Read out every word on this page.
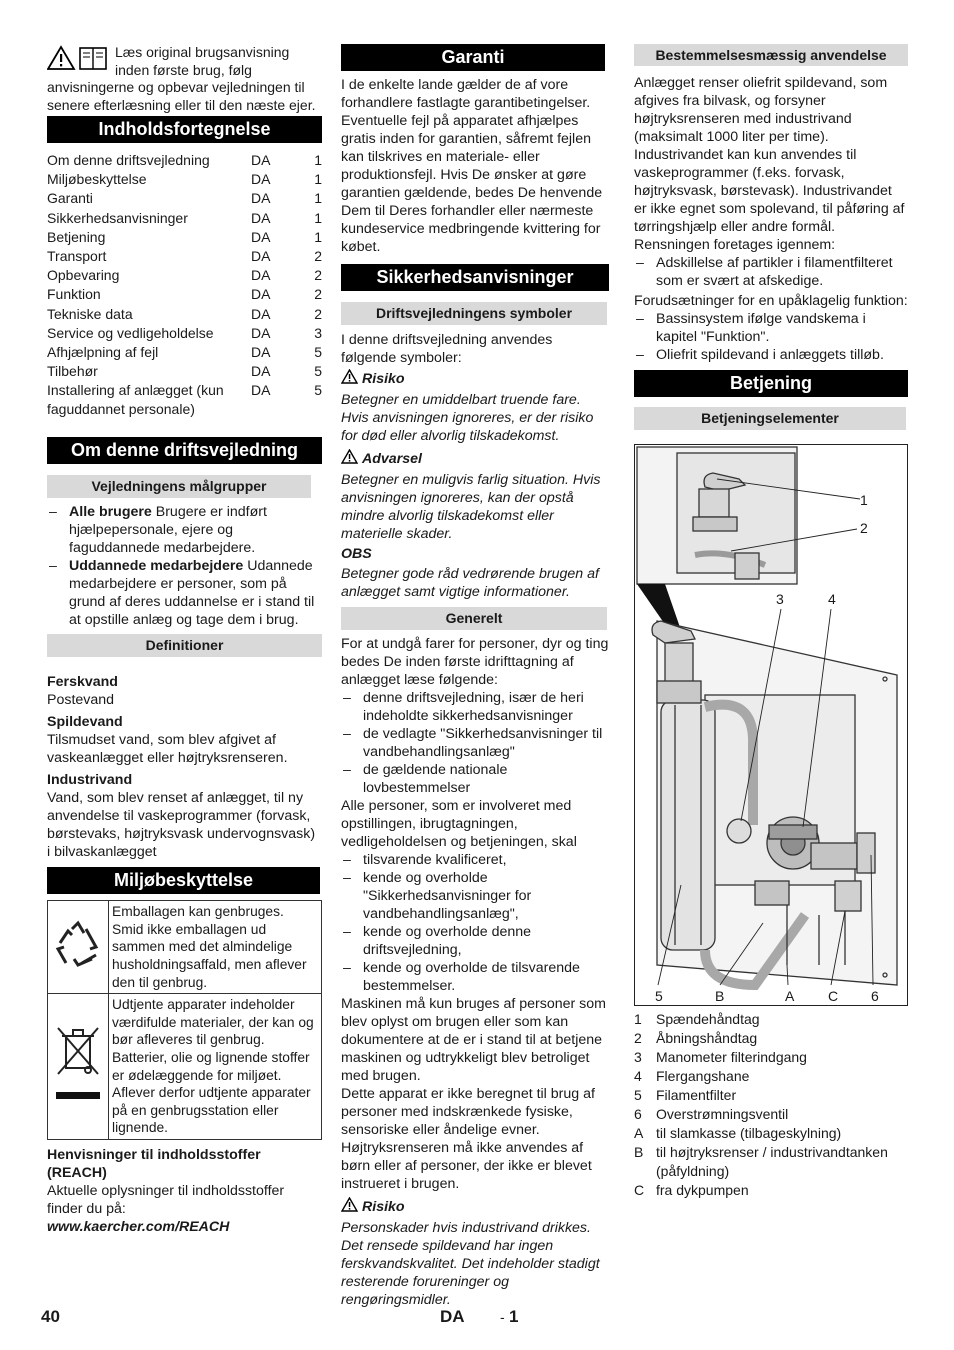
Læs original brugsanvisning inden første brug, følg anvisningerne og opbevar vejledningen til senere efterlæsning eller til den næste ejer.

Indholdsfortegnelse
Om denne driftsvejledning	DA	1
Miljøbeskyttelse	DA	1
Garanti	DA	1
Sikkerhedsanvisninger	DA	1
Betjening	DA	1
Transport	DA	2
Opbevaring	DA	2
Funktion	DA	2
Tekniske data	DA	2
Service og vedligeholdelse	DA	3
Afhjælpning af fejl	DA	5
Tilbehør	DA	5
Installering af anlægget (kun faguddannet personale)	DA	5
Om denne driftsvejledning
Vejledningens målgrupper
– Alle brugere Brugere er indført hjælpepersonale, ejere og faguddannede medarbejdere.
– Uddannede medarbejdere Udannede medarbejdere er personer, som på grund af deres uddannelse er i stand til at opstille anlæg og tage dem i brug.
Definitioner

Ferskvand

Postevand

Spildevand

Tilsmudset vand, som blev afgivet af vaskeanlægget eller højtryksrenseren.

Industrivand

Vand, som blev renset af anlægget, til ny anvendelse til vaskeprogrammer (forvask, børstevaks, højtryksvask undervognsvask) i bilvaskanlægget

Miljøbeskyttelse
	Emballagen kan genbruges. Smid ikke emballagen ud sammen med det almindelige husholdningsaffald, men aflever den til genbrug.
	Udtjente apparater indeholder værdifulde materialer, der kan og bør afleveres til genbrug. Batterier, olie og lignende stoffer er ødelæggende for miljøet. Aflever derfor udtjente apparater på en genbrugsstation eller lignende.

Henvisninger til indholdsstoffer (REACH)

Aktuelle oplysninger til indholdsstoffer finder du på:

www.kaercher.com/REACH

Garanti

I de enkelte lande gælder de af vore forhandlere fastlagte garantibetingelser. Eventuelle fejl på apparatet afhjælpes gratis inden for garantien, såfremt fejlen kan tilskrives en materiale- eller produktionsfejl. Hvis De ønsker at gøre garantien gældende, bedes De henvende Dem til Deres forhandler eller nærmeste kundeservice medbringende kvittering for købet.

Sikkerhedsanvisninger
Driftsvejledningens symboler

I denne driftsvejledning anvendes følgende symboler:

Risiko

Betegner en umiddelbart truende fare. Hvis anvisningen ignoreres, er der risiko for død eller alvorlig tilskadekomst.

Advarsel

Betegner en muligvis farlig situation. Hvis anvisningen ignoreres, kan der opstå mindre alvorlig tilskadekomst eller materielle skader.

OBS

Betegner gode råd vedrørende brugen af anlægget samt vigtige informationer.

Generelt

For at undgå farer for personer, dyr og ting bedes De inden første idrifttagning af anlægget læse følgende:

– denne driftsvejledning, især de heri indeholdte sikkerhedsanvisninger
– de vedlagte "Sikkerhedsanvisninger til vandbehandlingsanlæg"
– de gældende nationale lovbestemmelser

Alle personer, som er involveret med opstillingen, ibrugtagningen, vedligeholdelsen og betjeningen, skal

– tilsvarende kvalificeret,
– kende og overholde "Sikkerhedsanvisninger for vandbehandlingsanlæg",
– kende og overholde denne driftsvejledning,
– kende og overholde de tilsvarende bestemmelser.

Maskinen må kun bruges af personer som blev oplyst om brugen eller som kan dokumentere at de er i stand til at betjene maskinen og udtrykkeligt blev betroliget med brugen.

Dette apparat er ikke beregnet til brug af personer med indskrænkede fysiske, sensoriske eller åndelige evner.

Højtryksrenseren må ikke anvendes af børn eller af personer, der ikke er blevet instrueret i brugen.

Risiko

Personskader hvis industrivand drikkes. Det rensede spildevand har ingen ferskvandskvalitet. Det indeholder stadigt resterende forureninger og rengøringsmidler.

Bestemmelsesmæssig anvendelse

Anlægget renser oliefrit spildevand, som afgives fra bilvask, og forsyner højtryksrenseren med industrivand (maksimalt 1000 liter per time). Industrivandet kan kun anvendes til vaskeprogrammer (f.eks. forvask, højtryksvask, børstevask). Industrivandet er ikke egnet som spolevand, til påføring af tørringshjælp eller andre formål.

Rensningen foretages igennem:

– Adskillelse af partikler i filamentfilteret som er svært at afskedige.

Forudsætninger for en upåklagelig funktion:

– Bassinsystem ifølge vandskema i kapitel "Funktion".
– Oliefrit spildevand i anlæggets tilløb.
Betjening
Betjeningselementer
1
2
3	4
5	B	A C 6
1	Spændehåndtag
2	Åbningshåndtag
3	Manometer filterindgang
4	Flergangshane
5	Filamentfilter
6	Overstrømningsventil
A til slamkasse (tilbageskylning)
B til højtryksrenser / industrivandtanken (påfyldning)
C fra dykpumpen
40	DA	- 1
